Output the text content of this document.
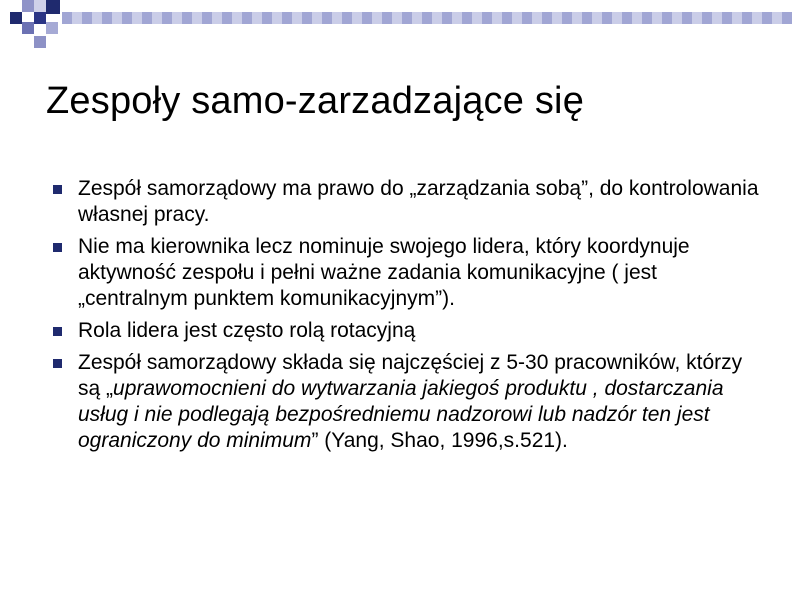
Zespoły samo-zarzadzające się
Zespół samorządowy ma prawo do „zarządzania sobą”, do kontrolowania własnej pracy.
Nie ma kierownika lecz nominuje swojego lidera, który koordynuje aktywność zespołu i pełni ważne zadania komunikacyjne ( jest „centralnym punktem komunikacyjnym”).
Rola lidera jest często rolą rotacyjną
Zespół samorządowy składa się najczęściej z 5-30 pracowników, którzy są „uprawomocnieni do wytwarzania jakiegoś produktu , dostarczania usług i nie podlegają bezpośredniemu nadzorowi lub nadzór ten jest ograniczony do minimum” (Yang, Shao, 1996,s.521).
